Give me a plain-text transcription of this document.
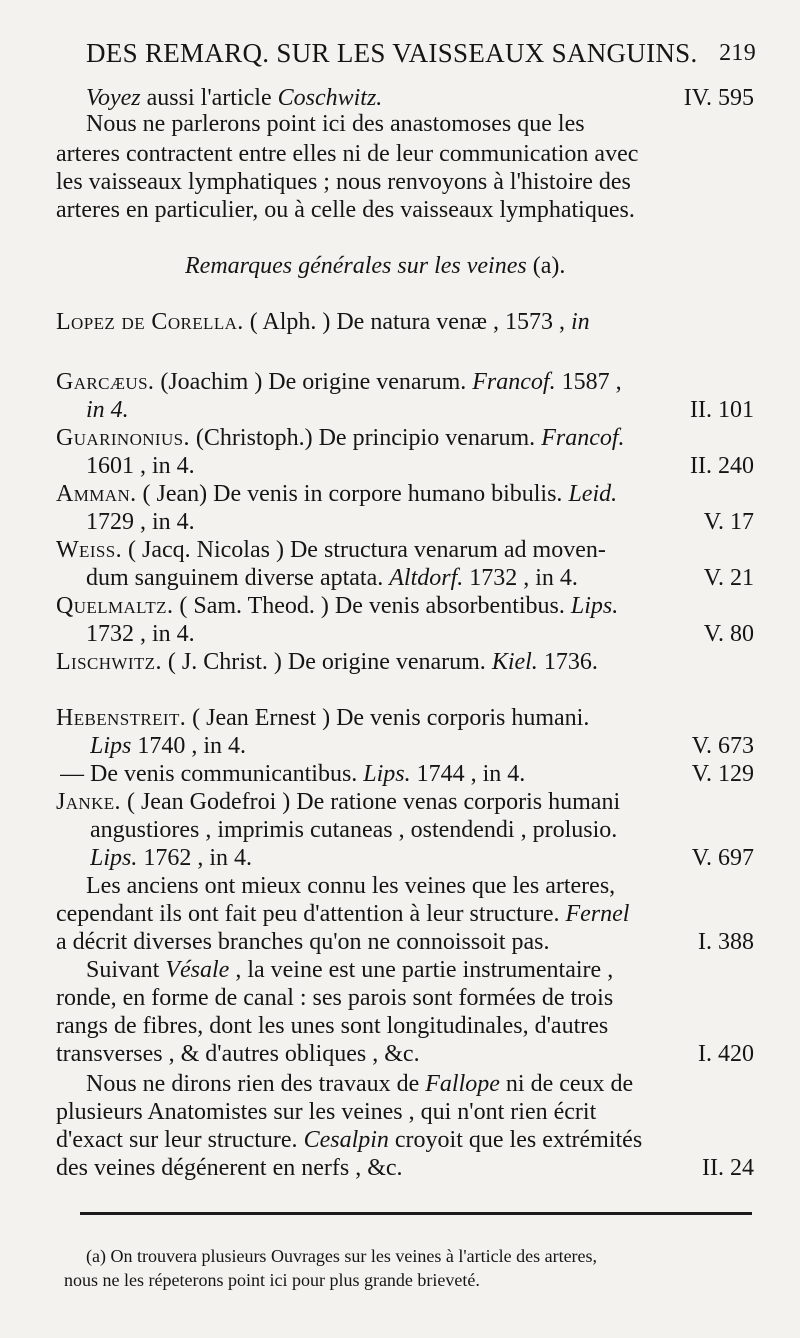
DES REMARQ. SUR LES VAISSEAUX SANGUINS. 219
Voyez aussi l'article Coschwitz.	IV. 595
Nous ne parlerons point ici des anastomoses que les
arteres contractent entre elles ni de leur communication avec
les vaisseaux lymphatiques ; nous renvoyons à l'histoire des
arteres en particulier, ou à celle des vaisseaux lymphatiques.
Remarques générales sur les veines (a).
Lopez de Corella. ( Alph. ) De natura venæ , 1573 , in
Garcæus. (Joachim ) De origine venarum. Francof. 1587 ,
in 4.	II. 101
Guarinonius. (Christoph.) De principio venarum. Francof.
1601 , in 4.	II. 240
Amman. ( Jean) De venis in corpore humano bibulis. Leid.
1729 , in 4.	V. 17
Weiss. ( Jacq. Nicolas ) De structura venarum ad moven-
dum sanguinem diverse aptata. Altdorf. 1732 , in 4.	V. 21
Quelmaltz. ( Sam. Theod. ) De venis absorbentibus. Lips.
1732 , in 4.	V. 80
Lischwitz. ( J. Christ. ) De origine venarum. Kiel. 1736.
Hebenstreit. ( Jean Ernest ) De venis corporis humani.
Lips 1740 , in 4.	V. 673
— De venis communicantibus. Lips. 1744 , in 4.	V. 129
Janke. ( Jean Godefroi ) De ratione venas corporis humani
angustiores , imprimis cutaneas , ostendendi , prolusio.
Lips. 1762 , in 4.	V. 697
Les anciens ont mieux connu les veines que les arteres,
cependant ils ont fait peu d'attention à leur structure. Fernel
a décrit diverses branches qu'on ne connoissoit pas.	I. 388
Suivant Vésale , la veine est une partie instrumentaire ,
ronde, en forme de canal : ses parois sont formées de trois
rangs de fibres, dont les unes sont longitudinales, d'autres
transverses , & d'autres obliques , &c.	I. 420
Nous ne dirons rien des travaux de Fallope ni de ceux de
plusieurs Anatomistes sur les veines , qui n'ont rien écrit
d'exact sur leur structure. Cesalpin croyoit que les extrémités
des veines dégénerent en nerfs , &c.	II. 24
(a) On trouvera plusieurs Ouvrages sur les veines à l'article des arteres,
nous ne les répeterons point ici pour plus grande brieveté.
